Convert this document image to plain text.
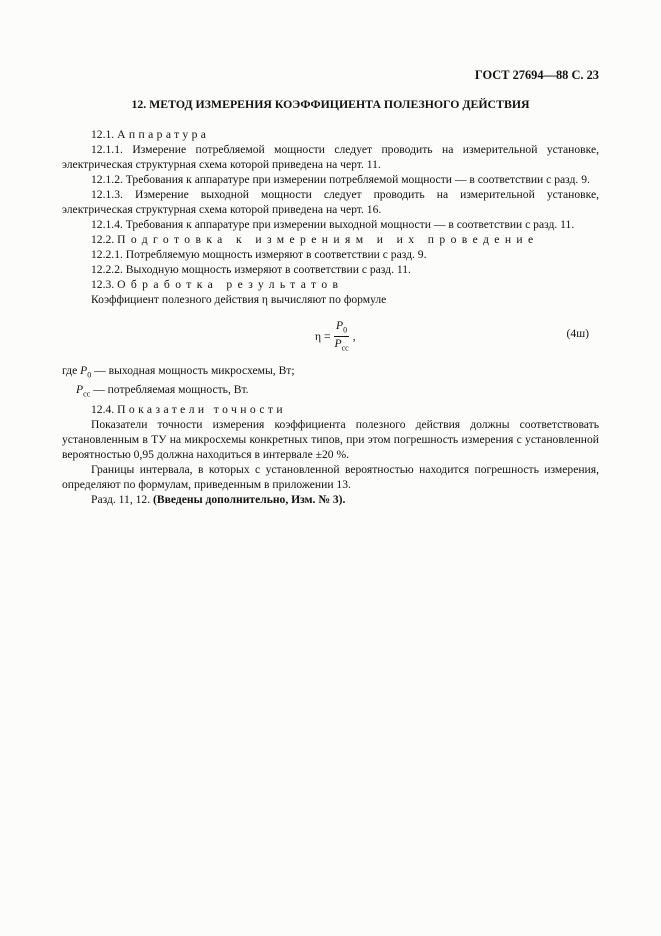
ГОСТ 27694—88 С. 23
12. МЕТОД ИЗМЕРЕНИЯ КОЭФФИЦИЕНТА ПОЛЕЗНОГО ДЕЙСТВИЯ

12.1. Аппаратура

12.1.1. Измерение потребляемой мощности следует проводить на измерительной установке, электрическая структурная схема которой приведена на черт. 11.

12.1.2. Требования к аппаратуре при измерении потребляемой мощности — в соответствии с разд. 9.

12.1.3. Измерение выходной мощности следует проводить на измерительной установке, электрическая структурная схема которой приведена на черт. 16.

12.1.4. Требования к аппаратуре при измерении выходной мощности — в соответствии с разд. 11.

12.2. Подготовка к измерениям и их проведение

12.2.1. Потребляемую мощность измеряют в соответствии с разд. 9.

12.2.2. Выходную мощность измеряют в соответствии с разд. 11.

12.3. Обработка результатов

Коэффициент полезного действия η вычисляют по формуле

$\eta = \frac{P_0}{P_{cc}}$ ,	(4ш)

где $P_0$ — выходная мощность микросхемы, Вт;

$P_{cc}$ — потребляемая мощность, Вт.

12.4. Показатели точности

Показатели точности измерения коэффициента полезного действия должны соответствовать установленным в ТУ на микросхемы конкретных типов, при этом погрешность измерения с установленной вероятностью 0,95 должна находиться в интервале ±20 %.

Границы интервала, в которых с установленной вероятностью находится погрешность измерения, определяют по формулам, приведенным в приложении 13.

Разд. 11, 12. (Введены дополнительно, Изм. № 3).
